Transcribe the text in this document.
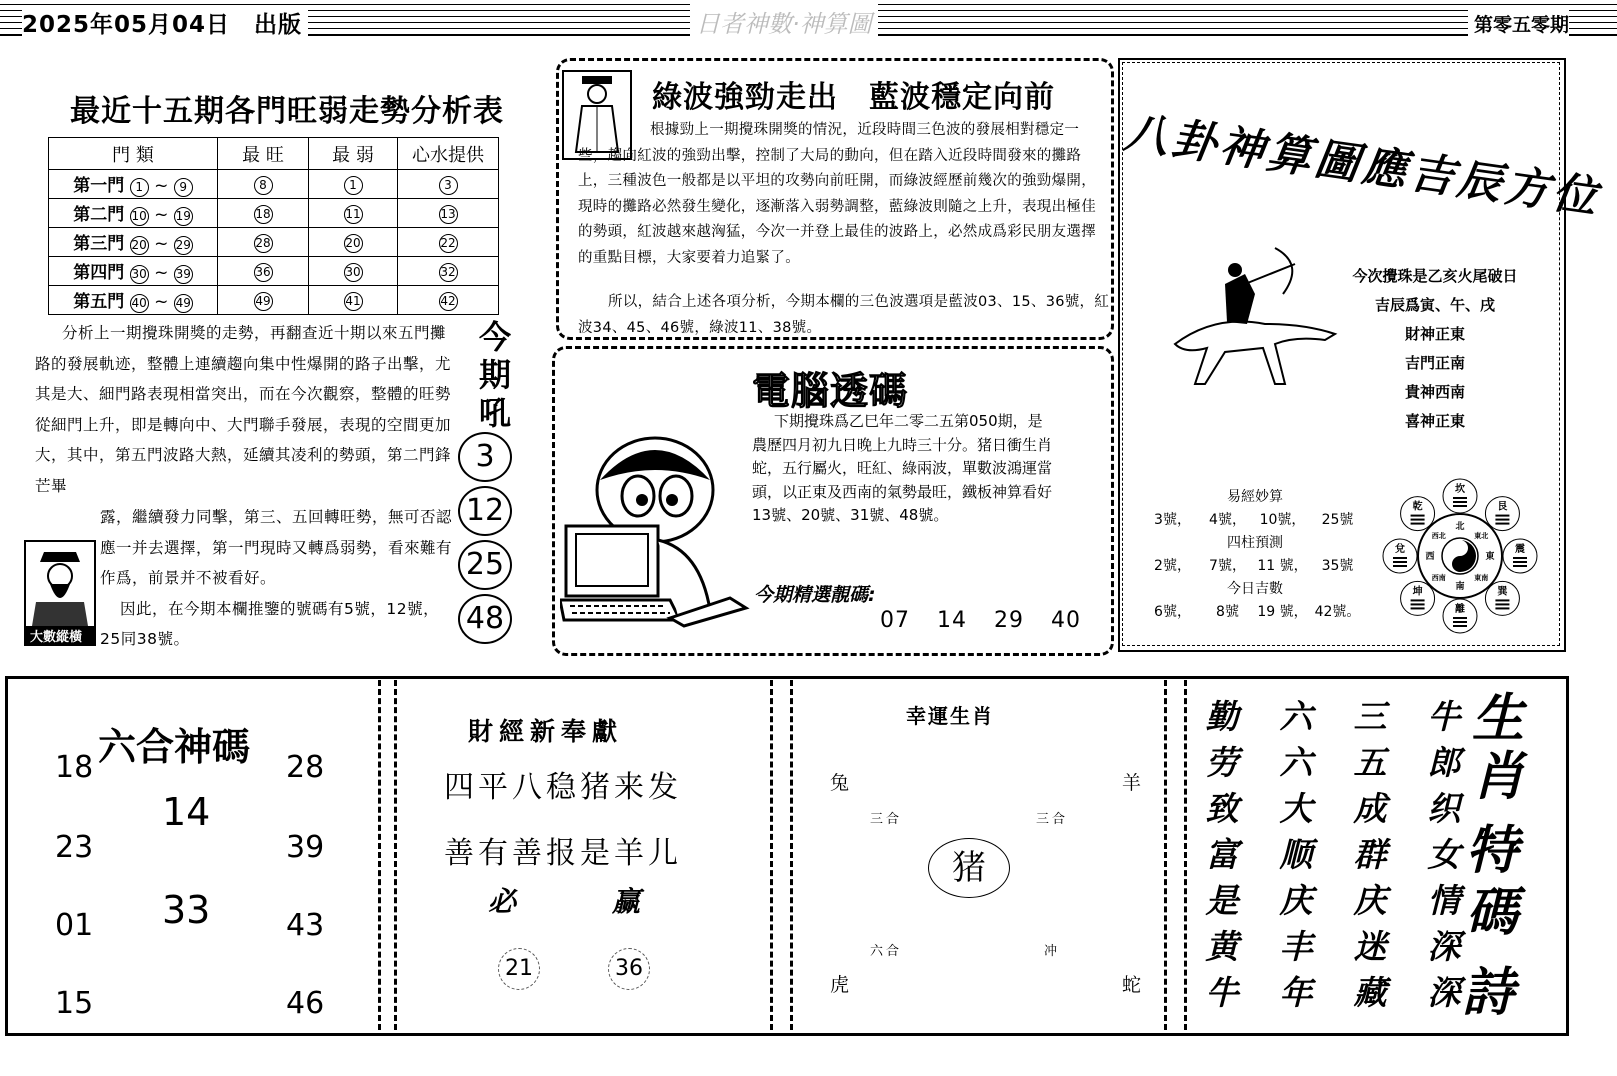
2025年05月04日　出版	日者神數·神算圖	第零五零期
最近十五期各門旺弱走勢分析表
門 類	最 旺	最 弱	心水提供
第一門 1 ~ 9	8	1	3
第二門 10 ~ 19	18	11	13
第三門 20 ~ 29	28	20	22
第四門 30 ~ 39	36	30	32
第五門 40 ~ 49	49	41	42
分析上一期攪珠開獎的走勢，再翻查近十期以來五門攤路的發展軌迹，整體上連續趨向集中性爆開的路子出擊，尤其是大、細門路表現相當突出，而在今次觀察，整體的旺勢從細門上升，即是轉向中、大門聯手發展，表現的空間更加大，其中，第五門波路大熱，延續其凌利的勢頭，第二門鋒芒畢

露，繼續發力同擊，第三、五回轉旺勢，無可否認應一并去選擇，第一門現時又轉爲弱勢，看來難有作爲，前景并不被看好。

因此，在今期本欄推鑒的號碼有5號，12號，25同38號。

大數縱橫
今期吼
3
12
25
48
綠波強勁走出　藍波穩定向前
根據勁上一期攪珠開獎的情況，近段時間三色波的發展相對穩定一些，趨向紅波的強勁出擊，控制了大局的動向，但在踏入近段時間發來的攤路上，三種波色一般都是以平坦的攻勢向前旺開，而綠波經歷前幾次的強勁爆開，現時的攤路必然發生變化，逐漸落入弱勢調整，藍綠波則隨之上升，表現出極佳的勢頭，紅波越來越洶猛，今次一并登上最佳的波路上，必然成爲彩民朋友選擇的重點目標，大家要着力追緊了。
所以，結合上述各項分析，今期本欄的三色波選項是藍波03、15、36號，紅波34、45、46號，綠波11、38號。
電腦透碼
下期攪珠爲乙巳年二零二五第050期，是農歷四月初九日晚上九時三十分。猪日衝生肖蛇，五行屬火，旺紅、綠兩波，單數波鴻運當頭，以正東及西南的氣勢最旺，鐵板神算看好13號、20號、31號、48號。
今期精選靚碼:
07 14 29 40
八卦神算圖應吉辰方位
今次攪珠是乙亥火尾破日
吉辰爲寅、午、戌
財神正東
吉門正南
貴神西南
喜神正東
易經妙算
3號， 4號， 10號， 25號
四柱預測
2號， 7號， 11 號， 35號
今日吉數
6號， 8號 19 號， 42號。
坎
艮
震
巽
離
坤
兌
乾
北
東北
東
東南
南
西南
西
西北
六合神碼
18
23
01
15
14
33
28
39
43
46
財經新奉獻
四平八稳猪来发
善有善报是羊儿
必	赢
21	36
幸運生肖
兔	羊
虎	蛇
三合	三合
六合	冲
猪
牛郎织女情深深
三五成群庆迷藏
六六大顺庆丰年
勤劳致富是黄牛
生肖
特碼
詩
